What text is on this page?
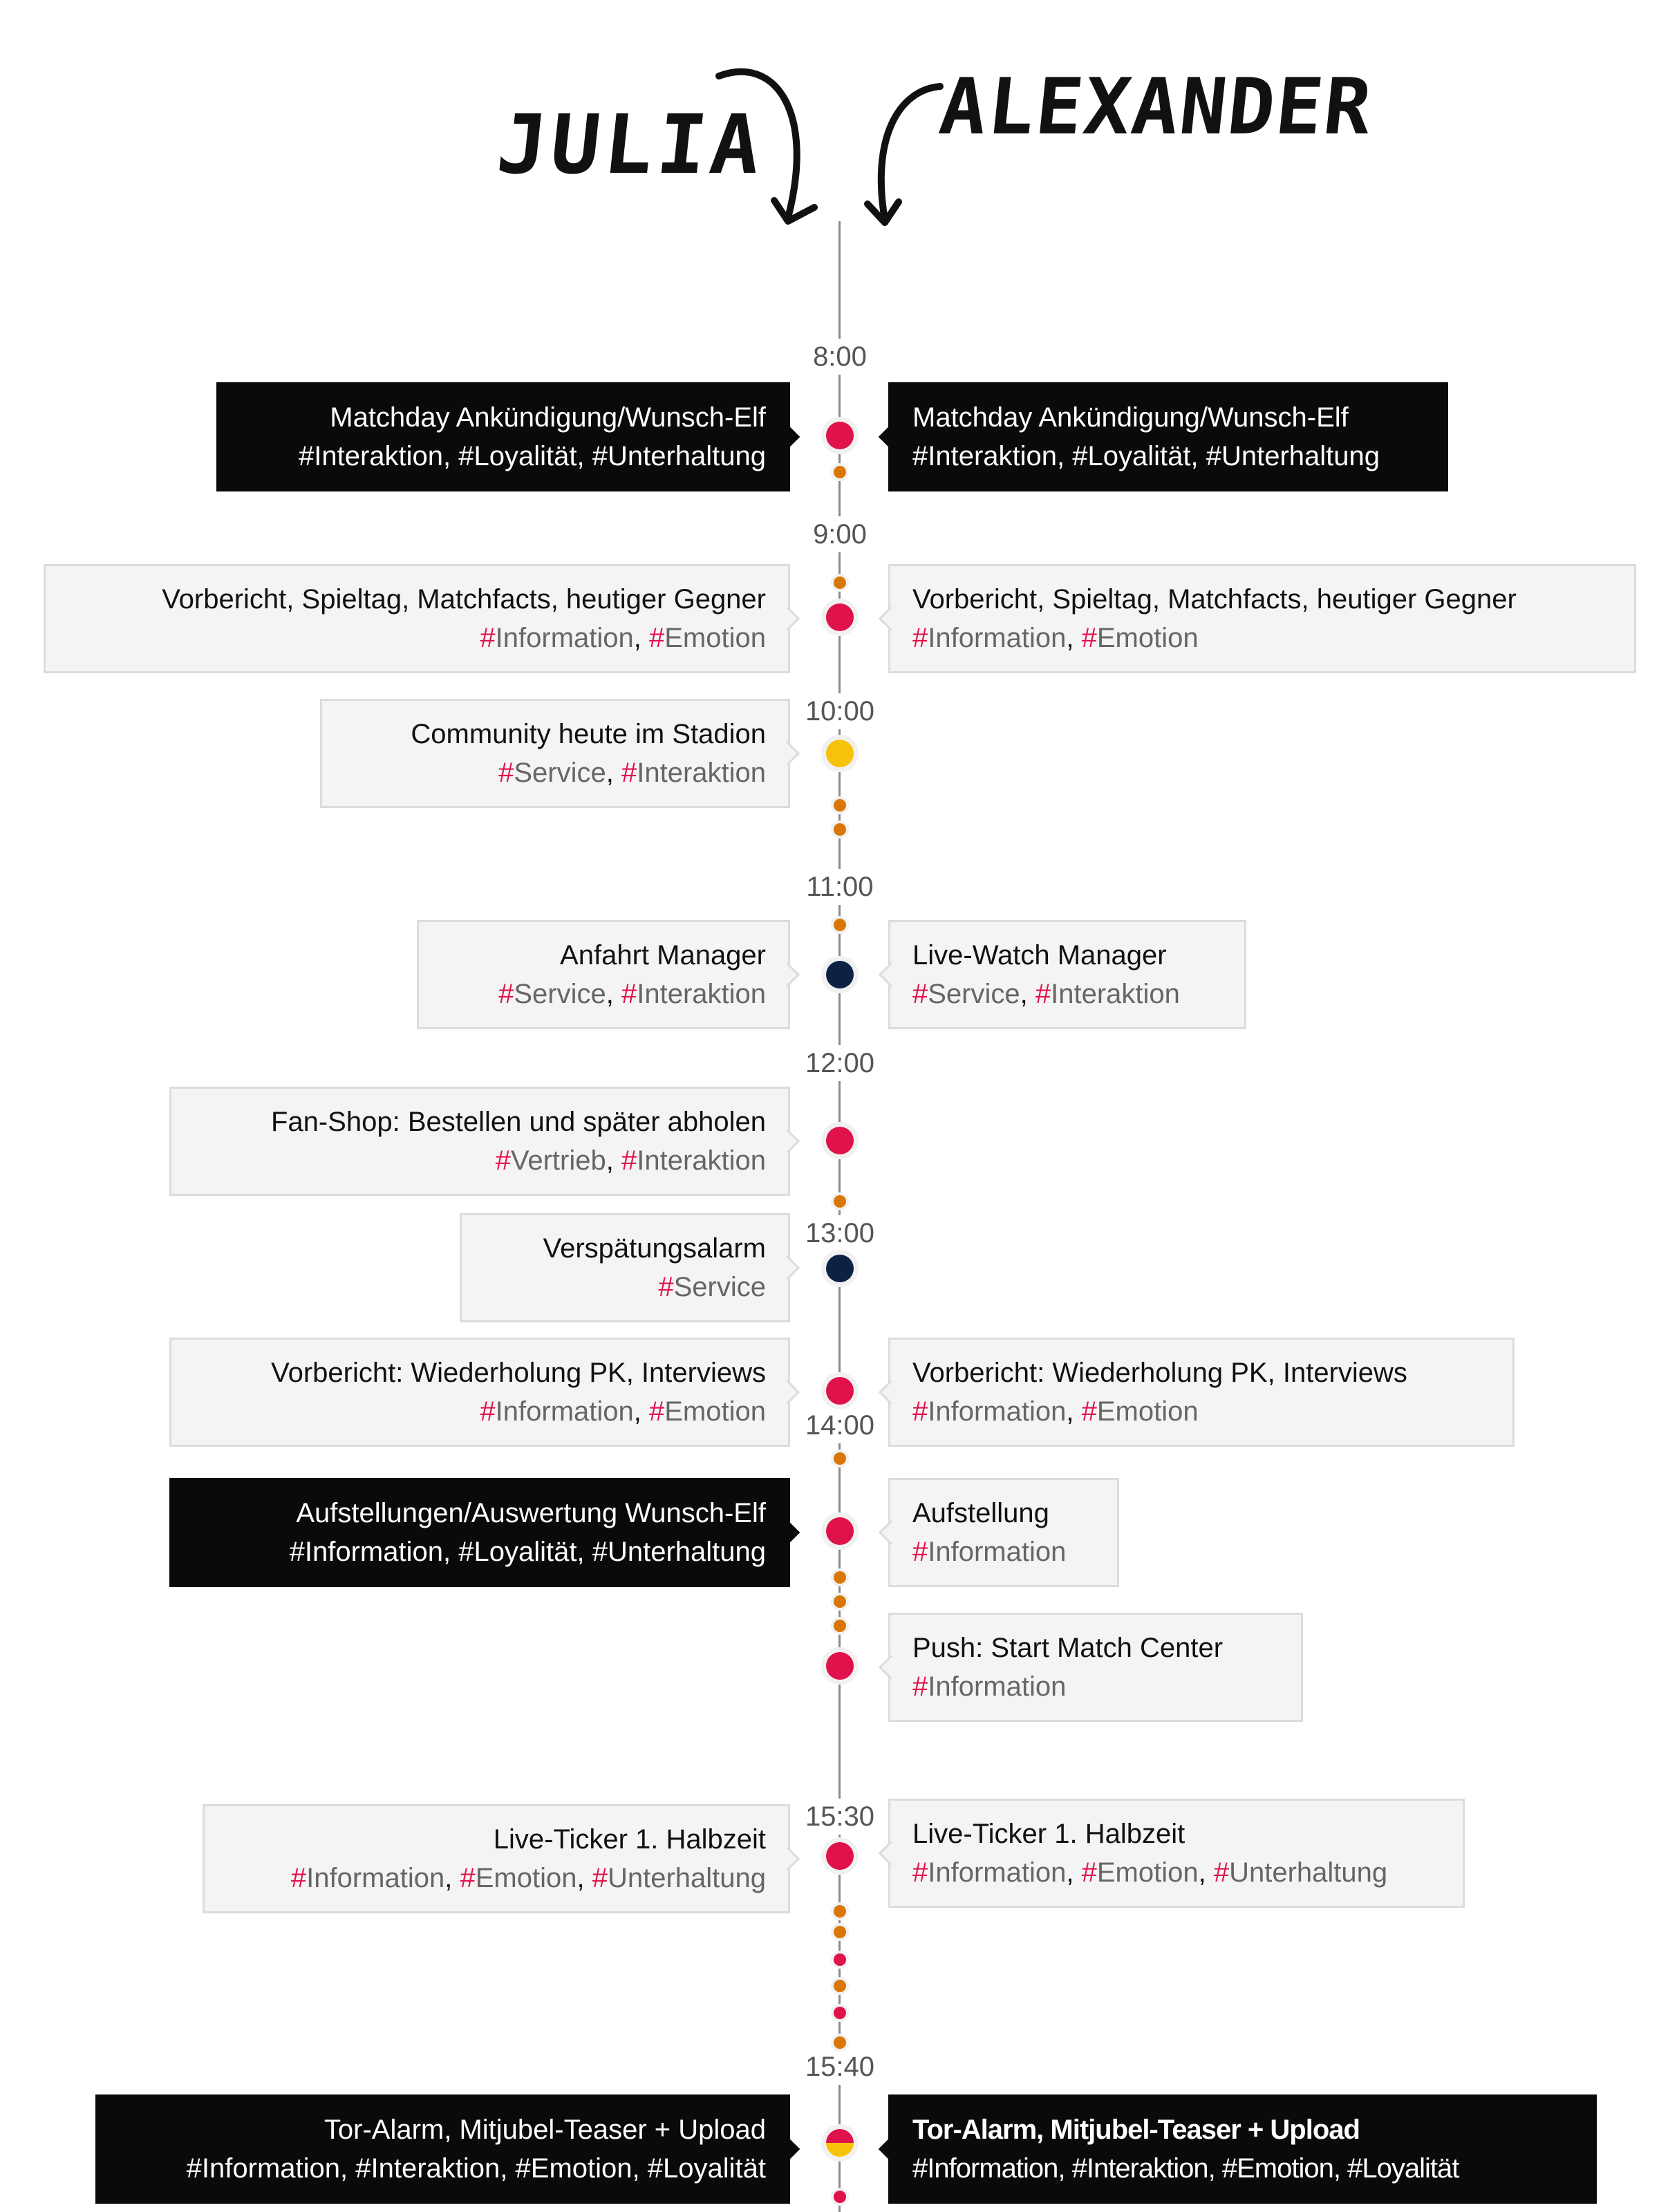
JULIA ALEXANDER
8:00
9:00
10:00
11:00
12:00
13:00
14:00
15:30
15:40
Matchday Ankündigung/Wunsch-Elf
#Interaktion, #Loyalität, #Unterhaltung
Vorbericht, Spieltag, Matchfacts, heutiger Gegner
#Information, #Emotion
Community heute im Stadion
#Service, #Interaktion
Anfahrt Manager
#Service, #Interaktion
Fan-Shop: Bestellen und später abholen
#Vertrieb, #Interaktion
Verspätungsalarm
#Service
Vorbericht: Wiederholung PK, Interviews
#Information, #Emotion
Aufstellungen/Auswertung Wunsch-Elf
#Information, #Loyalität, #Unterhaltung
Live-Ticker 1. Halbzeit
#Information, #Emotion, #Unterhaltung
Tor-Alarm, Mitjubel-Teaser + Upload
#Information, #Interaktion, #Emotion, #Loyalität
Matchday Ankündigung/Wunsch-Elf
#Interaktion, #Loyalität, #Unterhaltung
Vorbericht, Spieltag, Matchfacts, heutiger Gegner
#Information, #Emotion
Live-Watch Manager
#Service, #Interaktion
Vorbericht: Wiederholung PK, Interviews
#Information, #Emotion
Aufstellung
#Information
Push: Start Match Center
#Information
Live-Ticker 1. Halbzeit
#Information, #Emotion, #Unterhaltung
Tor-Alarm, Mitjubel-Teaser + Upload
#Information, #Interaktion, #Emotion, #Loyalität
